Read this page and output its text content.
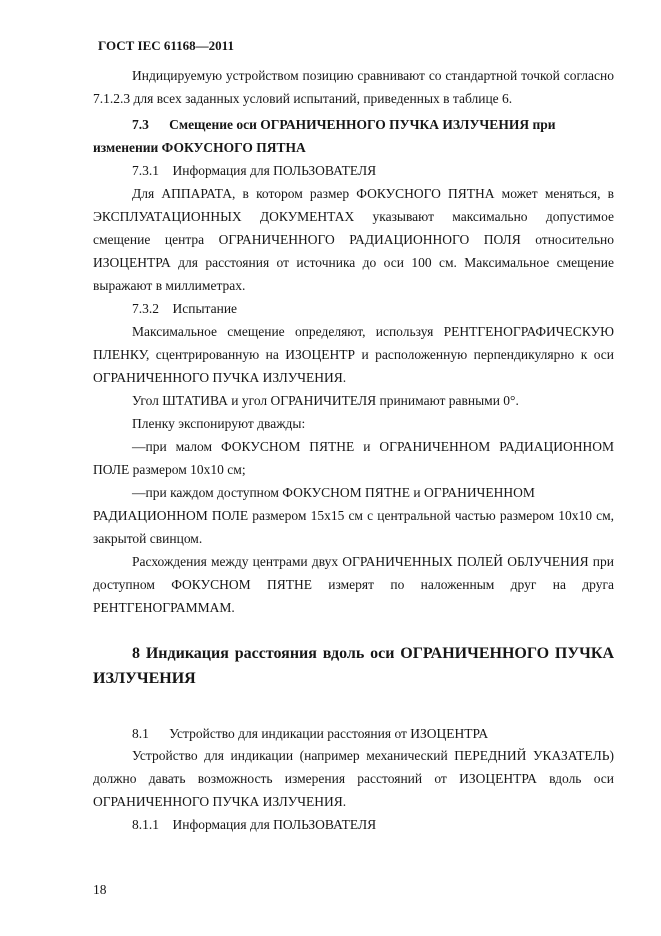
ГОСТ IEC 61168—2011
Индицируемую устройством позицию сравнивают со стандартной точкой согласно
7.1.2.3 для всех заданных условий испытаний, приведенных в таблице 6.
7.3      Смещение оси ОГРАНИЧЕННОГО ПУЧКА ИЗЛУЧЕНИЯ при
изменении ФОКУСНОГО ПЯТНА
7.3.1    Информация для ПОЛЬЗОВАТЕЛЯ
Для АППАРАТА, в котором размер ФОКУСНОГО ПЯТНА может меняться, в
ЭКСПЛУАТАЦИОННЫХ ДОКУМЕНТАХ указывают максимально допустимое
смещение центра ОГРАНИЧЕННОГО РАДИАЦИОННОГО ПОЛЯ относительно
ИЗОЦЕНТРА для расстояния от источника до оси 100 см. Максимальное смещение
выражают в миллиметрах.
7.3.2    Испытание
Максимальное смещение определяют, используя РЕНТГЕНОГРАФИЧЕСКУЮ
ПЛЕНКУ, сцентрированную на ИЗОЦЕНТР и расположенную перпендикулярно к оси
ОГРАНИЧЕННОГО ПУЧКА ИЗЛУЧЕНИЯ.
Угол ШТАТИВА и угол ОГРАНИЧИТЕЛЯ принимают равными 0°.
Пленку экспонируют дважды:
—при малом ФОКУСНОМ ПЯТНЕ и ОГРАНИЧЕННОМ РАДИАЦИОННОМ
ПОЛЕ размером 10х10 см;
—при каждом доступном ФОКУСНОМ ПЯТНЕ и ОГРАНИЧЕННОМ
РАДИАЦИОННОМ ПОЛЕ размером 15х15 см с центральной частью размером 10х10 см,
закрытой свинцом.
Расхождения между центрами двух ОГРАНИЧЕННЫХ ПОЛЕЙ ОБЛУЧЕНИЯ при
доступном ФОКУСНОМ ПЯТНЕ измерят по наложенным друг на друга
РЕНТГЕНОГРАММАМ.
8 Индикация расстояния вдоль оси ОГРАНИЧЕННОГО ПУЧКА
ИЗЛУЧЕНИЯ
8.1      Устройство для индикации расстояния от ИЗОЦЕНТРА
Устройство для индикации (например механический ПЕРЕДНИЙ УКАЗАТЕЛЬ)
должно давать возможность измерения расстояний от ИЗОЦЕНТРА вдоль оси
ОГРАНИЧЕННОГО ПУЧКА ИЗЛУЧЕНИЯ.
8.1.1    Информация для ПОЛЬЗОВАТЕЛЯ
18
